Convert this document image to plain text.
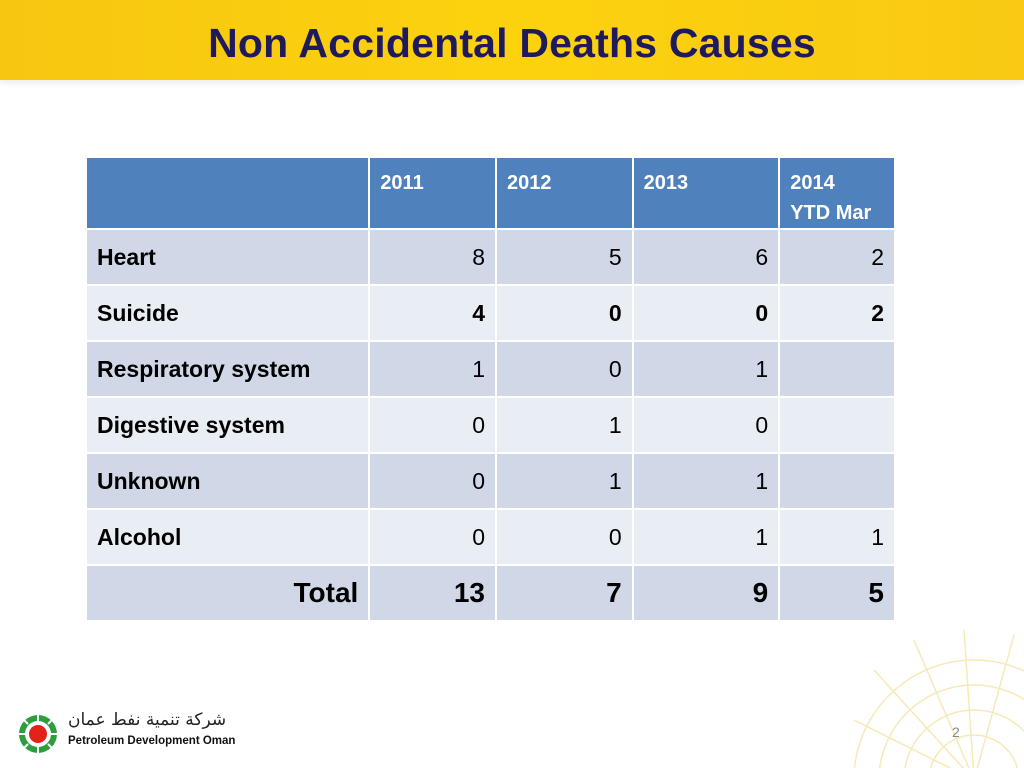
Non Accidental Deaths Causes
	2011	2012	2013	2014
YTD Mar
Heart	8	5	6	2
Suicide	4	0	0	2
Respiratory system	1	0	1	
Digestive system	0	1	0	
Unknown	0	1	1	
Alcohol	0	0	1	1
Total	13	7	9	5
شركة تنمية نفط عمان
Petroleum Development Oman
2
